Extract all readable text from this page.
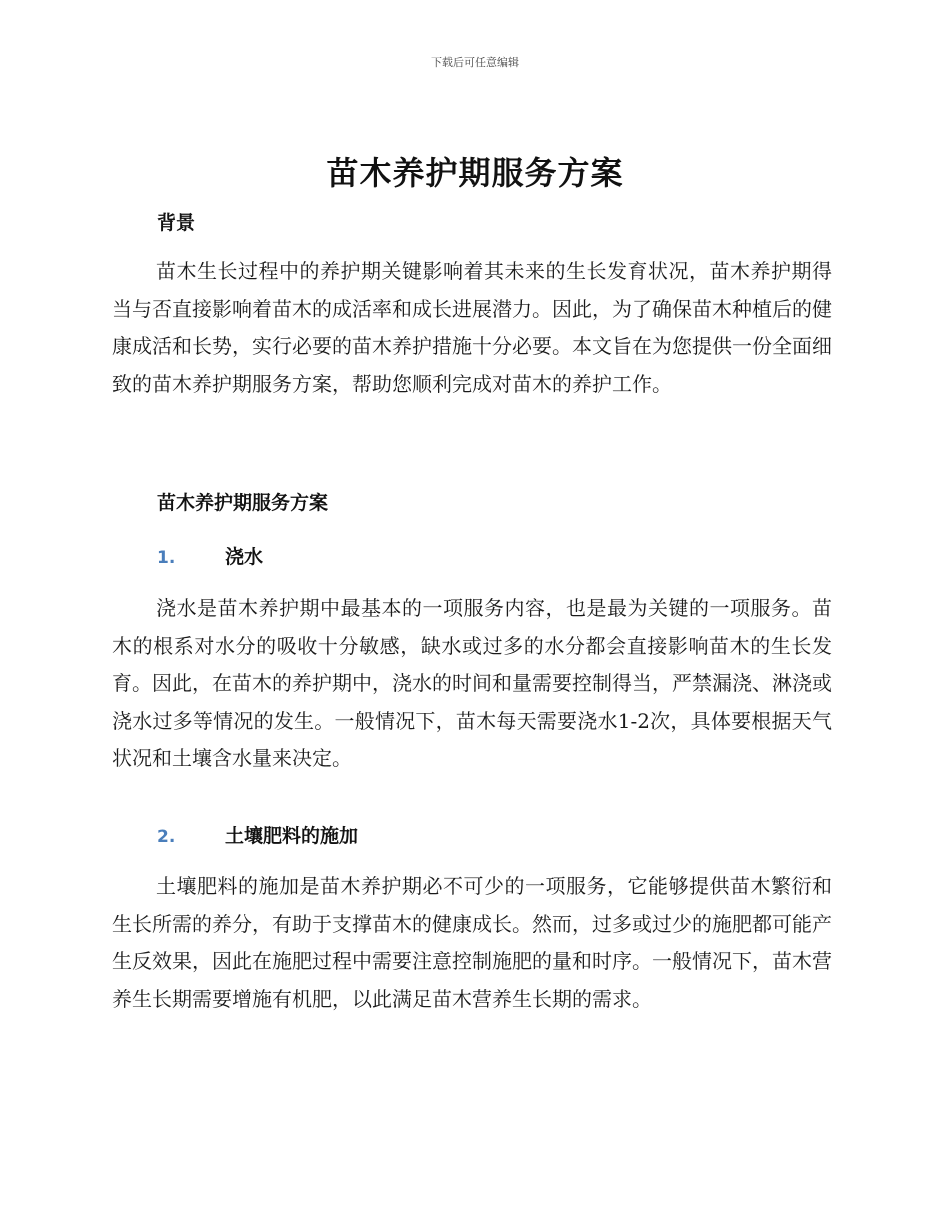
下载后可任意编辑
苗木养护期服务方案
背景
苗木生长过程中的养护期关键影响着其未来的生长发育状况，苗木养护期得当与否直接影响着苗木的成活率和成长进展潜力。因此，为了确保苗木种植后的健康成活和长势，实行必要的苗木养护措施十分必要。本文旨在为您提供一份全面细致的苗木养护期服务方案，帮助您顺利完成对苗木的养护工作。
苗木养护期服务方案
1.	浇水
浇水是苗木养护期中最基本的一项服务内容，也是最为关键的一项服务。苗木的根系对水分的吸收十分敏感，缺水或过多的水分都会直接影响苗木的生长发育。因此，在苗木的养护期中，浇水的时间和量需要控制得当，严禁漏浇、淋浇或浇水过多等情况的发生。一般情况下，苗木每天需要浇水1-2次，具体要根据天气状况和土壤含水量来决定。
2.	土壤肥料的施加
土壤肥料的施加是苗木养护期必不可少的一项服务，它能够提供苗木繁衍和生长所需的养分，有助于支撑苗木的健康成长。然而，过多或过少的施肥都可能产生反效果，因此在施肥过程中需要注意控制施肥的量和时序。一般情况下，苗木营养生长期需要增施有机肥，以此满足苗木营养生长期的需求。
